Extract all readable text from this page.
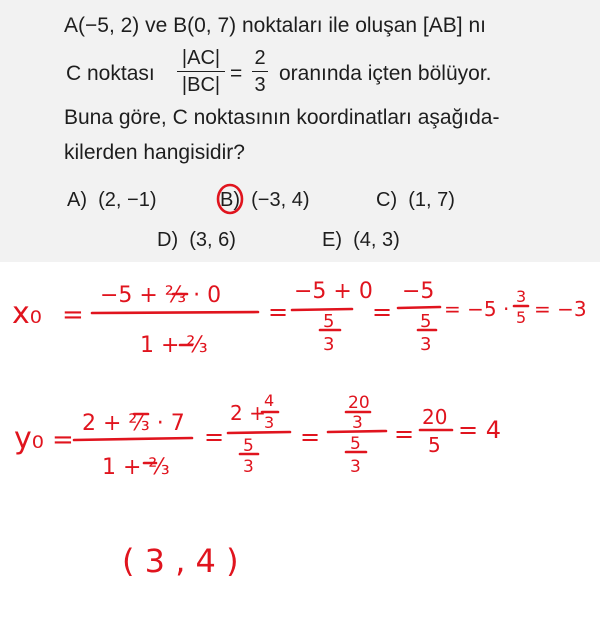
A(−5, 2) ve B(0, 7) noktaları ile oluşan [AB] nı
C noktası
|AC|
|BC| =
2
3 oranında içten bölüyor.
Buna göre, C noktasının koordinatları aşağıda-
kilerden hangisidir?
A) (2, −1)	B) (−3, 4)	C) (1, 7)
D) (3, 6)	E) (4, 3)
x₀ =
−5 + ⅔ · 0
1 + ⅔
=
−5 + 0
5
3
=
−5
5
3
= −5 ·
3
5 = −3
y₀ =
2 + ⅔ · 7
1 + ⅔
=
2 +
4
3
5
3
=
20
3
5
3
=
20
5
= 4
( 3 , 4 )
